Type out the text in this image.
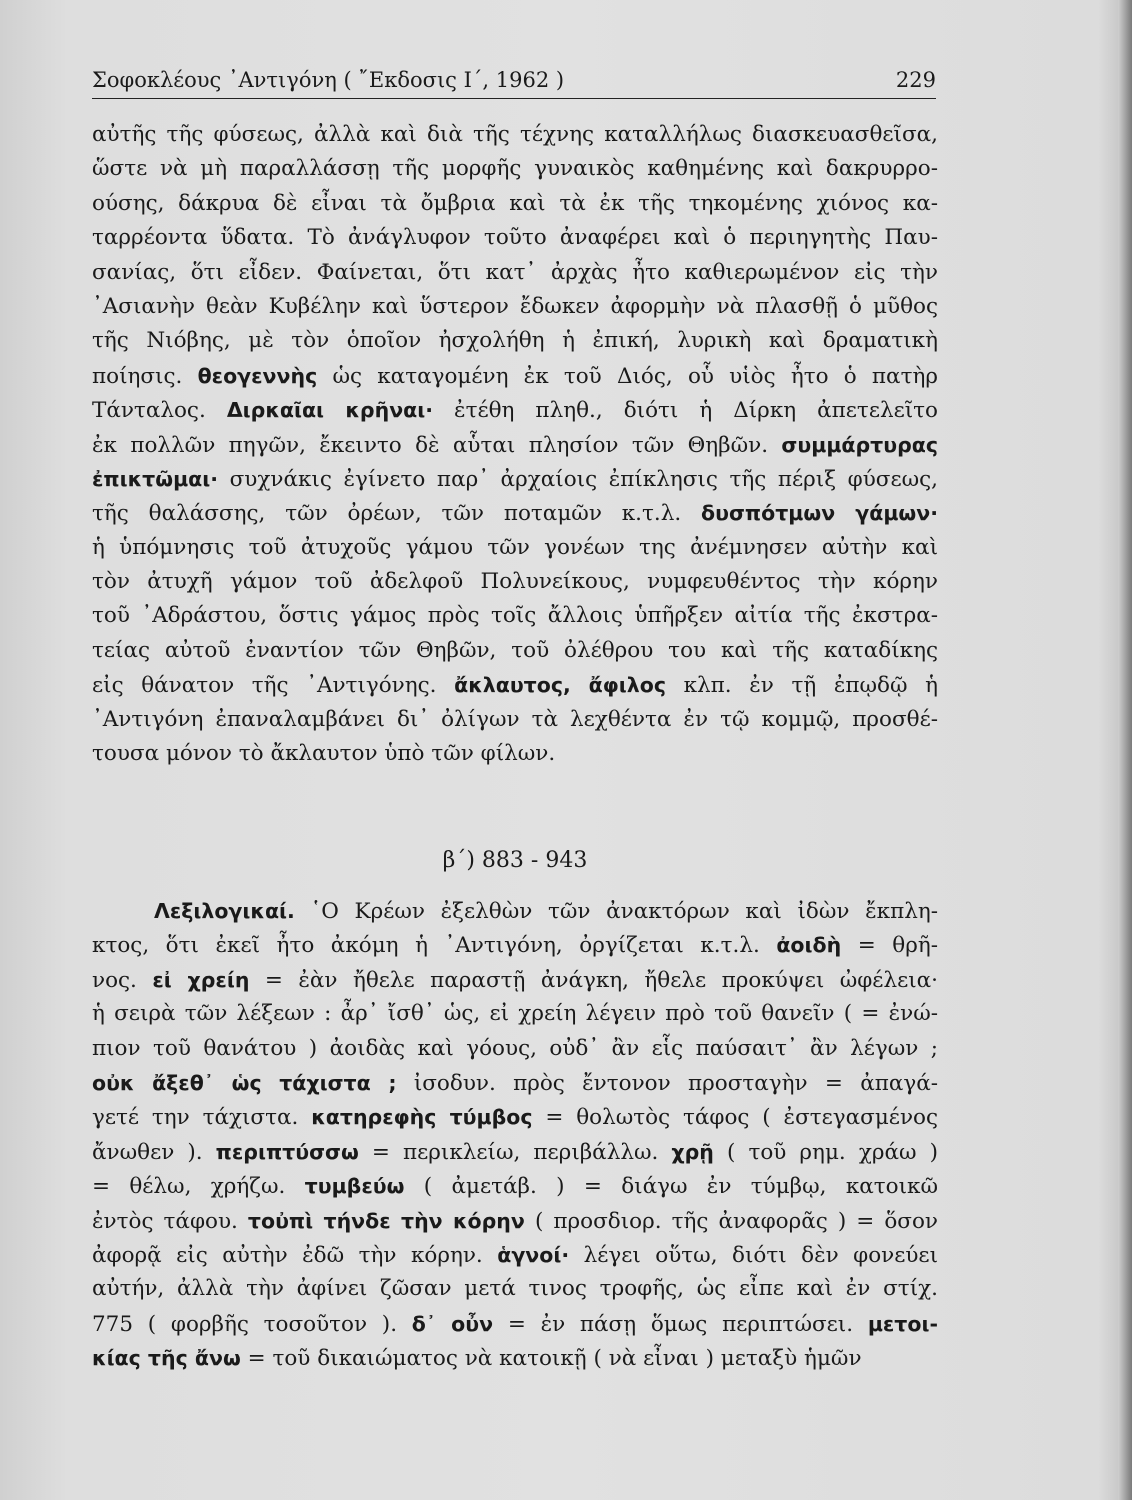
Σοφοκλέους ᾿Αντιγόνη ( ῎Εκδοσις Ι΄, 1962 )	229
αὐτῆς τῆς φύσεως, ἀλλὰ καὶ διὰ τῆς τέχνης καταλλήλως διασκευασθεῖσα,
ὥστε νὰ μὴ παραλλάσσῃ τῆς μορφῆς γυναικὸς καθημένης καὶ δακρυρρο-
ούσης, δάκρυα δὲ εἶναι τὰ ὄμβρια καὶ τὰ ἐκ τῆς τηκομένης χιόνος κα-
ταρρέοντα ὕδατα. Τὸ ἀνάγλυφον τοῦτο ἀναφέρει καὶ ὁ περιηγητὴς Παυ-
σανίας, ὅτι εἶδεν. Φαίνεται, ὅτι κατ᾿ ἀρχὰς ἦτο καθιερωμένον εἰς τὴν
᾿Ασιανὴν θεὰν Κυβέλην καὶ ὕστερον ἔδωκεν ἀφορμὴν νὰ πλασθῇ ὁ μῦθος
τῆς Νιόβης, μὲ τὸν ὁποῖον ἠσχολήθη ἡ ἐπική, λυρικὴ καὶ δραματικὴ
ποίησις. θεογεννὴς ὡς καταγομένη ἐκ τοῦ Διός, οὗ υἱὸς ἦτο ὁ πατὴρ
Τάνταλος. Διρκαῖαι κρῆναι· ἐτέθη πληθ., διότι ἡ Δίρκη ἀπετελεῖτο
ἐκ πολλῶν πηγῶν, ἔκειντο δὲ αὗται πλησίον τῶν Θηβῶν. συμμάρτυρας
ἐπικτῶμαι· συχνάκις ἐγίνετο παρ᾿ ἀρχαίοις ἐπίκλησις τῆς πέριξ φύσεως,
τῆς θαλάσσης, τῶν ὀρέων, τῶν ποταμῶν κ.τ.λ. δυσπότμων γάμων·
ἡ ὑπόμνησις τοῦ ἀτυχοῦς γάμου τῶν γονέων της ἀνέμνησεν αὐτὴν καὶ
τὸν ἀτυχῆ γάμον τοῦ ἀδελφοῦ Πολυνείκους, νυμφευθέντος τὴν κόρην
τοῦ ᾿Αδράστου, ὅστις γάμος πρὸς τοῖς ἄλλοις ὑπῆρξεν αἰτία τῆς ἐκστρα-
τείας αὐτοῦ ἐναντίον τῶν Θηβῶν, τοῦ ὀλέθρου του καὶ τῆς καταδίκης
εἰς θάνατον τῆς ᾿Αντιγόνης. ἄκλαυτος, ἄφιλος κλπ. ἐν τῇ ἐπῳδῷ ἡ
᾿Αντιγόνη ἐπαναλαμβάνει δι᾿ ὀλίγων τὰ λεχθέντα ἐν τῷ κομμῷ, προσθέ-
τουσα μόνον τὸ ἄκλαυτον ὑπὸ τῶν φίλων.
β΄) 883 - 943
Λεξιλογικαί. ῾Ο Κρέων ἐξελθὼν τῶν ἀνακτόρων καὶ ἰδὼν ἔκπλη-
κτος, ὅτι ἐκεῖ ἦτο ἀκόμη ἡ ᾿Αντιγόνη, ὀργίζεται κ.τ.λ. ἀοιδὴ = θρῆ-
νος. εἰ χρείη = ἐὰν ἤθελε παραστῇ ἀνάγκη, ἤθελε προκύψει ὠφέλεια·
ἡ σειρὰ τῶν λέξεων : ἆρ᾿ ἴσθ᾿ ὡς, εἰ χρείη λέγειν πρὸ τοῦ θανεῖν ( = ἐνώ-
πιον τοῦ θανάτου ) ἀοιδὰς καὶ γόους, οὐδ᾿ ἂν εἷς παύσαιτ᾿ ἂν λέγων ;
οὐκ ἄξεθ᾿ ὡς τάχιστα ; ἰσοδυν. πρὸς ἔντονον προσταγὴν = ἀπαγά-
γετέ την τάχιστα. κατηρεφὴς τύμβος = θολωτὸς τάφος ( ἐστεγασμένος
ἄνωθεν ). περιπτύσσω = περικλείω, περιβάλλω. χρῇ ( τοῦ ρημ. χράω )
= θέλω, χρήζω. τυμβεύω ( ἀμετάβ. ) = διάγω ἐν τύμβῳ, κατοικῶ
ἐντὸς τάφου. τοὐπὶ τήνδε τὴν κόρην ( προσδιορ. τῆς ἀναφορᾶς ) = ὅσον
ἀφορᾷ εἰς αὐτὴν ἐδῶ τὴν κόρην. ἁγνοί· λέγει οὕτω, διότι δὲν φονεύει
αὐτήν, ἀλλὰ τὴν ἀφίνει ζῶσαν μετά τινος τροφῆς, ὡς εἶπε καὶ ἐν στίχ.
775 ( φορβῆς τοσοῦτον ). δ᾿ οὖν = ἐν πάσῃ ὅμως περιπτώσει. μετοι-
κίας τῆς ἄνω = τοῦ δικαιώματος νὰ κατοικῇ ( νὰ εἶναι ) μεταξὺ ἡμῶν
